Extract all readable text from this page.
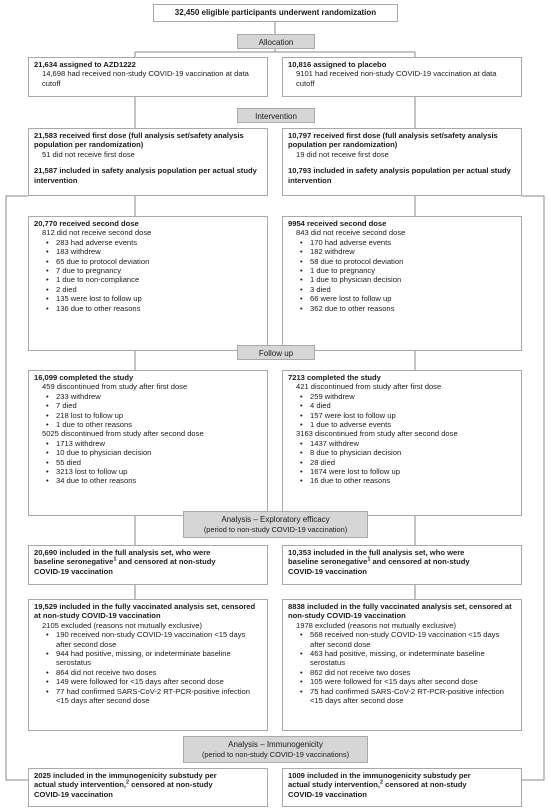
32,450 eligible participants underwent randomization
Allocation
21,634 assigned to AZD1222
14,698 had received non-study COVID-19 vaccination at data cutoff
10,816 assigned to placebo
9101 had received non-study COVID-19 vaccination at data cutoff
Intervention
21,583 received first dose (full analysis set/safety analysis population per randomization)
51 did not receive first dose
21,587 included in safety analysis population per actual study intervention
10,797 received first dose (full analysis set/safety analysis population per randomization)
19 did not receive first dose
10,793 included in safety analysis population per actual study intervention
20,770 received second dose
812 did not receive second dose
• 283 had adverse events
• 183 withdrew
• 65 due to protocol deviation
• 7 due to pregnancy
• 1 due to non-compliance
• 2 died
• 135 were lost to follow up
• 136 due to other reasons
9954 received second dose
843 did not receive second dose
• 170 had adverse events
• 182 withdrew
• 58 due to protocol deviation
• 1 due to pregnancy
• 1 due to physician decision
• 3 died
• 66 were lost to follow up
• 362 due to other reasons
Follow up
16,099 completed the study
459 discontinued from study after first dose
• 233 withdrew
• 7 died
• 218 lost to follow up
• 1 due to other reasons
5025 discontinued from study after second dose
• 1713 withdrew
• 10 due to physician decision
• 55 died
• 3213 lost to follow up
• 34 due to other reasons
7213 completed the study
421 discontinued from study after first dose
• 259 withdrew
• 4 died
• 157 were lost to follow up
• 1 due to adverse events
3163 discontinued from study after second dose
• 1437 withdrew
• 8 due to physician decision
• 28 died
• 1674 were lost to follow up
• 16 due to other reasons
Analysis – Exploratory efficacy
(period to non-study COVID-19 vaccination)
20,690 included in the full analysis set, who were
baseline seronegative$^1$ and censored at non-study
COVID-19 vaccination
10,353 included in the full analysis set, who were
baseline seronegative$^1$ and censored at non-study
COVID-19 vaccination
19,529 included in the fully vaccinated analysis set, censored at non-study COVID-19 vaccination
2105 excluded (reasons not mutually exclusive)
• 190 received non-study COVID-19 vaccination <15 days after second dose
• 944 had positive, missing, or indeterminate baseline serostatus
• 864 did not receive two doses
• 149 were followed for <15 days after second dose
• 77 had confirmed SARS-CoV-2 RT-PCR-positive infection <15 days after second dose
8838 included in the fully vaccinated analysis set, censored at non-study COVID-19 vaccination
1978 excluded (reasons not mutually exclusive)
• 568 received non-study COVID-19 vaccination <15 days after second dose
• 463 had positive, missing, or indeterminate baseline serostatus
• 862 did not receive two doses
• 105 were followed for <15 days after second dose
• 75 had confirmed SARS-CoV-2 RT-PCR-positive infection <15 days after second dose
Analysis – Immunogenicity
(period to non-study COVID-19 vaccinations)
2025 included in the immunogenicity substudy per
actual study intervention,$^2$ censored at non-study
COVID-19 vaccination
1009 included in the immunogenicity substudy per
actual study intervention,$^2$ censored at non-study
COVID-19 vaccination
